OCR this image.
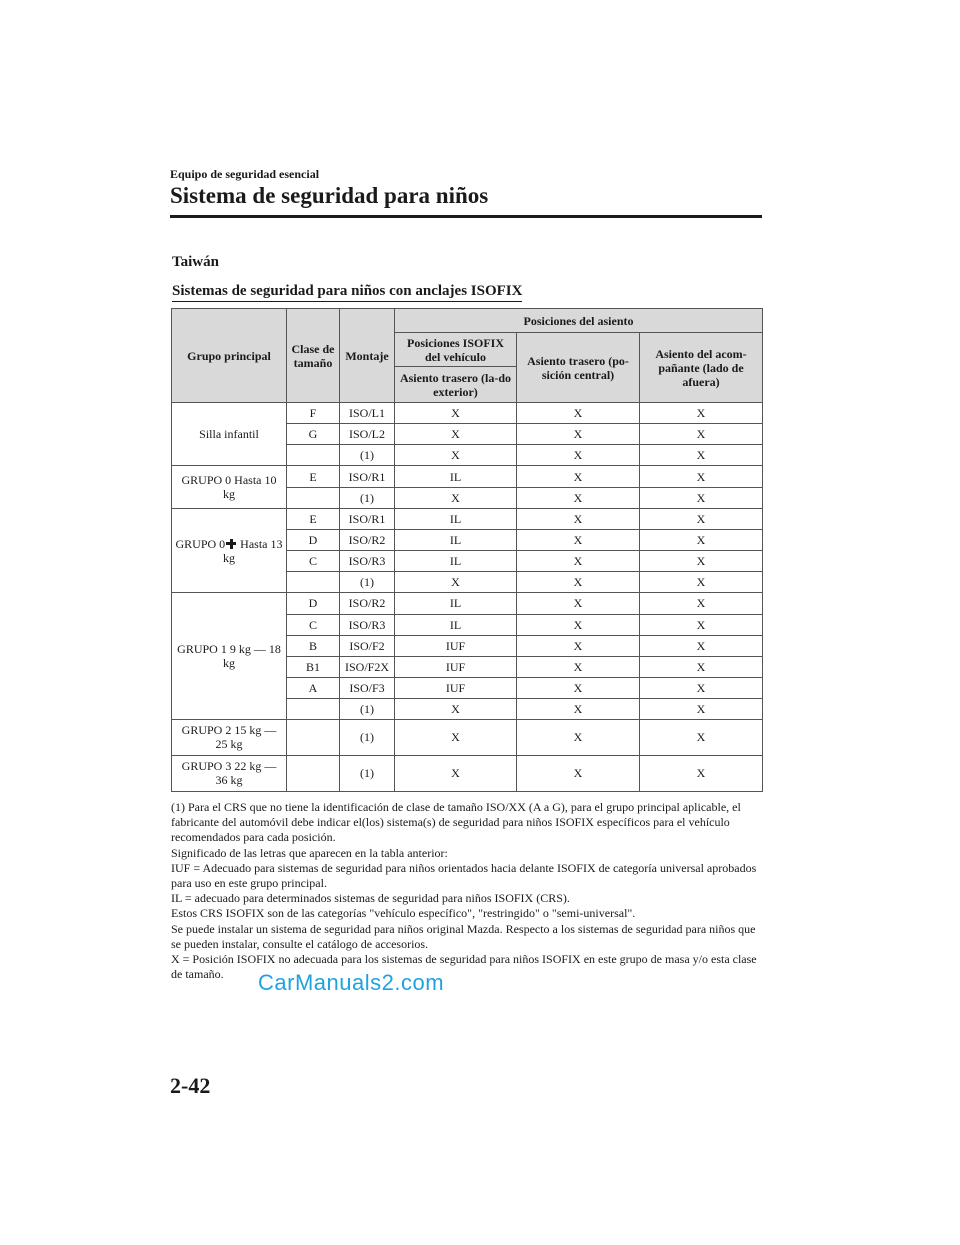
Equipo de seguridad esencial
Sistema de seguridad para niños
Taiwán
Sistemas de seguridad para niños con anclajes ISOFIX
Grupo principal	Clase de tamaño	Montaje	Posiciones del asiento		
			Posiciones ISOFIX del vehículo	Asiento trasero (po-sición central)	Asiento del acom-pañante (lado de afuera)
			Asiento trasero (la-do exterior)		
Silla infantil	F	ISO/L1	X	X	X
	G	ISO/L2	X	X	X
		(1)	X	X	X
GRUPO 0 Hasta 10 kg	E	ISO/R1	IL	X	X
		(1)	X	X	X
GRUPO 0 Hasta 13 kg	E	ISO/R1	IL	X	X
	D	ISO/R2	IL	X	X
	C	ISO/R3	IL	X	X
		(1)	X	X	X
GRUPO 1 9 kg — 18 kg	D	ISO/R2	IL	X	X
	C	ISO/R3	IL	X	X
	B	ISO/F2	IUF	X	X
	B1	ISO/F2X	IUF	X	X
	A	ISO/F3	IUF	X	X
		(1)	X	X	X
GRUPO 2 15 kg — 25 kg		(1)	X	X	X
GRUPO 3 22 kg — 36 kg		(1)	X	X	X

(1) Para el CRS que no tiene la identificación de clase de tamaño ISO/XX (A a G), para el grupo principal aplicable, el fabricante del automóvil debe indicar el(los) sistema(s) de seguridad para niños ISOFIX específicos para el vehículo recomendados para cada posición.

Significado de las letras que aparecen en la tabla anterior:

IUF = Adecuado para sistemas de seguridad para niños orientados hacia delante ISOFIX de categoría universal aprobados para uso en este grupo principal.

IL = adecuado para determinados sistemas de seguridad para niños ISOFIX (CRS).

Estos CRS ISOFIX son de las categorías "vehículo específico", "restringido" o "semi-universal".

Se puede instalar un sistema de seguridad para niños original Mazda. Respecto a los sistemas de seguridad para niños que se pueden instalar, consulte el catálogo de accesorios.

X = Posición ISOFIX no adecuada para los sistemas de seguridad para niños ISOFIX en este grupo de masa y/o esta clase de tamaño.	CarManuals2.com
2-42
